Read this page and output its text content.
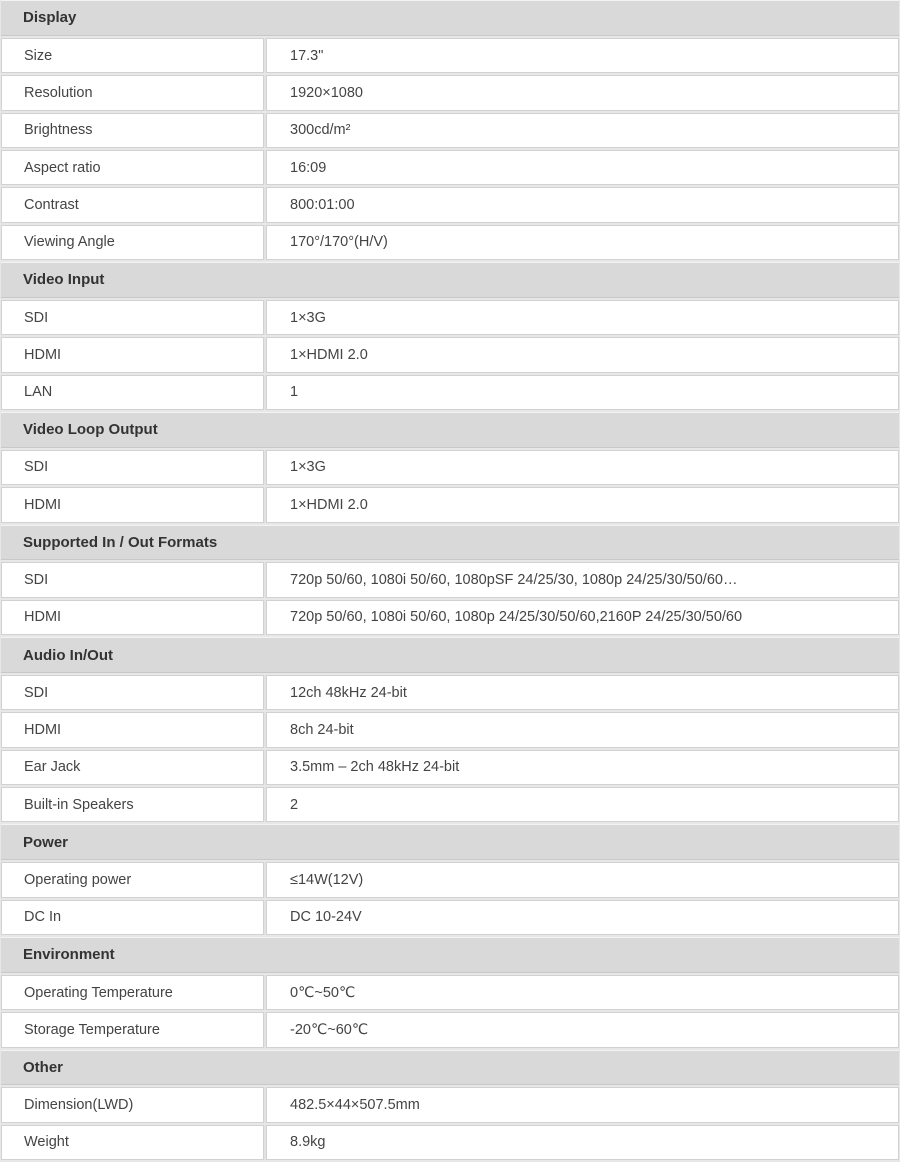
Display
Size	17.3"
Resolution	1920×1080
Brightness	300cd/m²
Aspect ratio	16:09
Contrast	800:01:00
Viewing Angle	170°/170°(H/V)
Video Input
SDI	1×3G
HDMI	1×HDMI 2.0
LAN	1
Video Loop Output
SDI	1×3G
HDMI	1×HDMI 2.0
Supported In / Out Formats
SDI	720p 50/60, 1080i 50/60, 1080pSF 24/25/30, 1080p 24/25/30/50/60…
HDMI	720p 50/60, 1080i 50/60, 1080p 24/25/30/50/60,2160P 24/25/30/50/60
Audio In/Out
SDI	12ch 48kHz 24-bit
HDMI	8ch 24-bit
Ear Jack	3.5mm – 2ch 48kHz 24-bit
Built-in Speakers	2
Power
Operating power	≤14W(12V)
DC In	DC 10-24V
Environment
Operating Temperature	0℃~50℃
Storage Temperature	-20℃~60℃
Other
Dimension(LWD)	482.5×44×507.5mm
Weight	8.9kg
